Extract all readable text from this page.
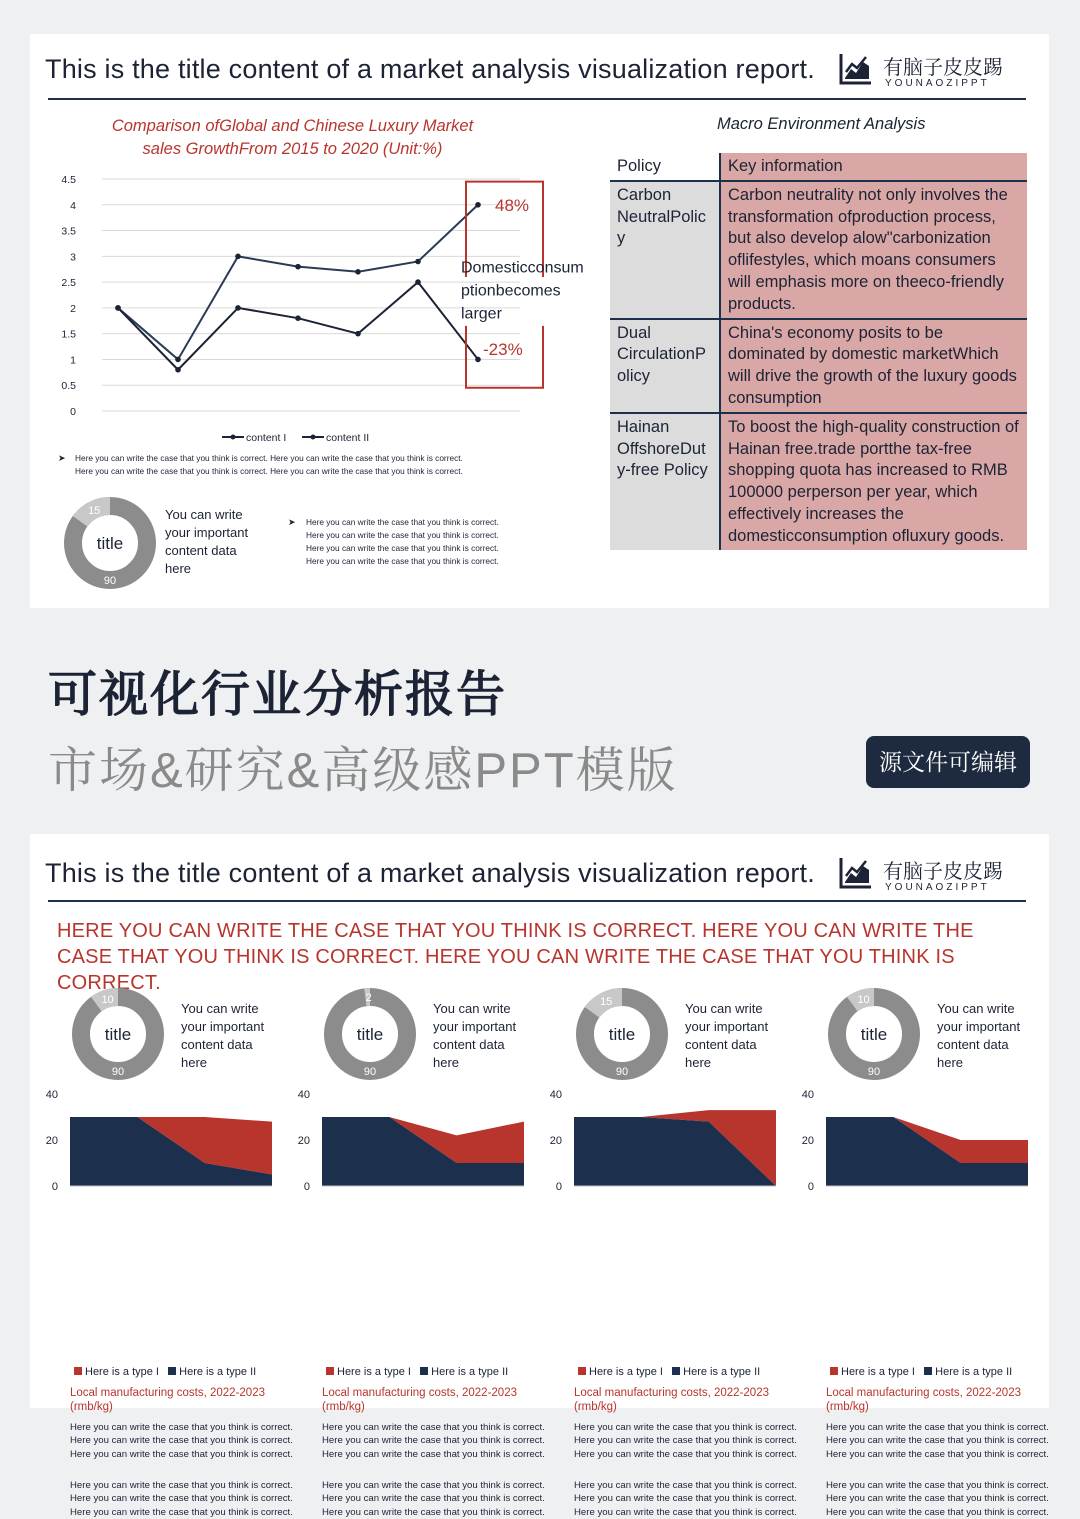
This is the title content of a market analysis visualization report.	有脑子皮皮踢
YOUNAOZIPPT
Comparison ofGlobal and Chinese Luxury Market
sales GrowthFrom 2015 to 2020 (Unit:%)
0
0.5
1
1.5
2
2.5
3
3.5
4
4.5
48%
-23%
Domesticconsum
ptionbecomes
larger
content I	content II
➤ Here you can write the case that you think is correct. Here you can write the case that you think is correct.
Here you can write the case that you think is correct. Here you can write the case that you think is correct.
15
90
title
You can write
your important
content data
here
➤ Here you can write the case that you think is correct.
Here you can write the case that you think is correct.
Here you can write the case that you think is correct.
Here you can write the case that you think is correct.
Macro Environment Analysis
Policy	Key information
Carbon NeutralPolic y	Carbon neutrality not only involves the transformation ofproduction process, but also develop alow"carbonization oflifestyles, which moans consumers will emphasis more on theeco-friendly products.
Dual CirculationP olicy	China's economy posits to be dominated by domestic marketWhich will drive the growth of the luxury goods consumption
Hainan OffshoreDut y-free Policy	To boost the high-quality construction of Hainan free.trade portthe tax-free shopping quota has increased to RMB 100000 perperson per year, which effectively increases the domesticconsumption ofluxury goods.
可视化行业分析报告
市场&研究&高级感PPT模版	源文件可编辑
This is the title content of a market analysis visualization report.	有脑子皮皮踢
YOUNAOZIPPT
HERE YOU CAN WRITE THE CASE THAT YOU THINK IS CORRECT. HERE YOU CAN WRITE THE CASE THAT YOU THINK IS CORRECT. HERE YOU CAN WRITE THE CASE THAT YOU THINK IS CORRECT.
10
90
title
You can write
your important
content data
here
0
20
40
Here is a type I Here is a type II
Local manufacturing costs, 2022-2023
(rmb/kg)
Here you can write the case that you think is correct. Here you can write the case that you think is correct. Here you can write the case that you think is correct.
Here you can write the case that you think is correct. Here you can write the case that you think is correct. Here you can write the case that you think is correct.
2
90
title
You can write
your important
content data
here
0
20
40
Here is a type I Here is a type II
Local manufacturing costs, 2022-2023
(rmb/kg)
Here you can write the case that you think is correct. Here you can write the case that you think is correct. Here you can write the case that you think is correct.
Here you can write the case that you think is correct. Here you can write the case that you think is correct. Here you can write the case that you think is correct.
15
90
title
You can write
your important
content data
here
0
20
40
Here is a type I Here is a type II
Local manufacturing costs, 2022-2023
(rmb/kg)
Here you can write the case that you think is correct. Here you can write the case that you think is correct. Here you can write the case that you think is correct.
Here you can write the case that you think is correct. Here you can write the case that you think is correct. Here you can write the case that you think is correct.
10
90
title
You can write
your important
content data
here
0
20
40
Here is a type I Here is a type II
Local manufacturing costs, 2022-2023
(rmb/kg)
Here you can write the case that you think is correct. Here you can write the case that you think is correct. Here you can write the case that you think is correct.
Here you can write the case that you think is correct. Here you can write the case that you think is correct. Here you can write the case that you think is correct.
